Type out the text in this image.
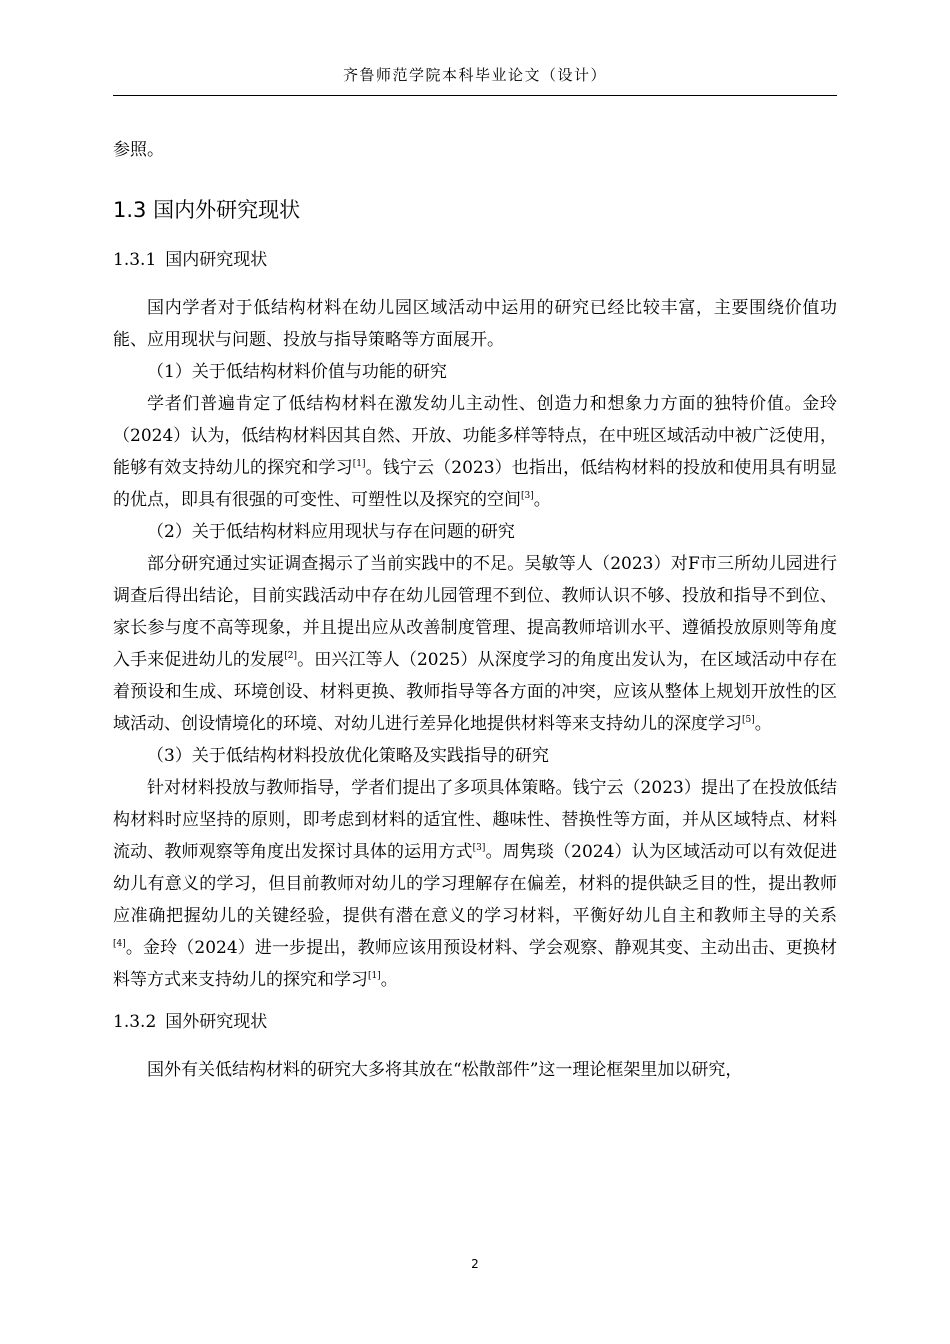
齐鲁师范学院本科毕业论文（设计）

参照。

1.3 国内外研究现状

1.3.1 国内研究现状

国内学者对于低结构材料在幼儿园区域活动中运用的研究已经比较丰富，主要围绕价值功能、应用现状与问题、投放与指导策略等方面展开。

（1）关于低结构材料价值与功能的研究

学者们普遍肯定了低结构材料在激发幼儿主动性、创造力和想象力方面的独特价值。金玲（2024）认为，低结构材料因其自然、开放、功能多样等特点，在中班区域活动中被广泛使用，能够有效支持幼儿的探究和学习[1]。钱宁云（2023）也指出，低结构材料的投放和使用具有明显的优点，即具有很强的可变性、可塑性以及探究的空间[3]。

（2）关于低结构材料应用现状与存在问题的研究

部分研究通过实证调查揭示了当前实践中的不足。吴敏等人（2023）对F市三所幼儿园进行调查后得出结论，目前实践活动中存在幼儿园管理不到位、教师认识不够、投放和指导不到位、家长参与度不高等现象，并且提出应从改善制度管理、提高教师培训水平、遵循投放原则等角度入手来促进幼儿的发展[2]。田兴江等人（2025）从深度学习的角度出发认为，在区域活动中存在着预设和生成、环境创设、材料更换、教师指导等各方面的冲突，应该从整体上规划开放性的区域活动、创设情境化的环境、对幼儿进行差异化地提供材料等来支持幼儿的深度学习[5]。

（3）关于低结构材料投放优化策略及实践指导的研究

针对材料投放与教师指导，学者们提出了多项具体策略。钱宁云（2023）提出了在投放低结构材料时应坚持的原则，即考虑到材料的适宜性、趣味性、替换性等方面，并从区域特点、材料流动、教师观察等角度出发探讨具体的运用方式[3]。周隽琰（2024）认为区域活动可以有效促进幼儿有意义的学习，但目前教师对幼儿的学习理解存在偏差，材料的提供缺乏目的性，提出教师应准确把握幼儿的关键经验，提供有潜在意义的学习材料，平衡好幼儿自主和教师主导的关系[4]。金玲（2024）进一步提出，教师应该用预设材料、学会观察、静观其变、主动出击、更换材料等方式来支持幼儿的探究和学习[1]。

1.3.2 国外研究现状

国外有关低结构材料的研究大多将其放在“松散部件”这一理论框架里加以研究，

2
